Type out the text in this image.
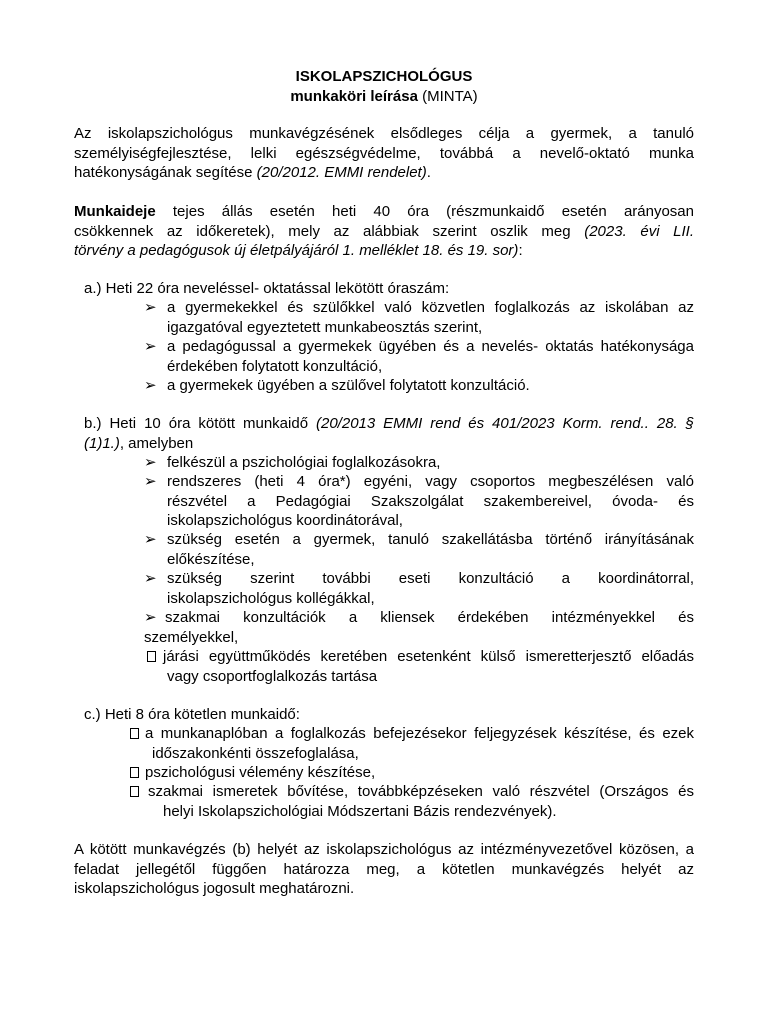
ISKOLAPSZICHOLÓGUS
munkaköri leírása (MINTA)
Az iskolapszichológus munkavégzésének elsődleges célja a gyermek, a tanuló
személyiségfejlesztése, lelki egészségvédelme, továbbá a nevelő-oktató munka
hatékonyságának segítése (20/2012. EMMI rendelet).
Munkaideje tejes állás esetén heti 40 óra (részmunkaidő esetén arányosan
csökkennek az időkeretek), mely az alábbiak szerint oszlik meg (2023. évi LII.
törvény a pedagógusok új életpályájáról 1. melléklet 18. és 19. sor):
a.) Heti 22 óra neveléssel- oktatással lekötött óraszám:
➢ a gyermekekkel és szülőkkel való közvetlen foglalkozás az iskolában az
igazgatóval egyeztetett munkabeosztás szerint,
➢ a pedagógussal a gyermekek ügyében és a nevelés- oktatás hatékonysága
érdekében folytatott konzultáció,
➢ a gyermekek ügyében a szülővel folytatott konzultáció.
b.) Heti 10 óra kötött munkaidő (20/2013 EMMI rend és 401/2023 Korm. rend.. 28. §
(1)1.), amelyben
➢ felkészül a pszichológiai foglalkozásokra,
➢ rendszeres (heti 4 óra*) egyéni, vagy csoportos megbeszélésen való
részvétel a Pedagógiai Szakszolgálat szakembereivel, óvoda- és
iskolapszichológus koordinátorával,
➢ szükség esetén a gyermek, tanuló szakellátásba történő irányításának
előkészítése,
➢ szükség szerint további eseti konzultáció a koordinátorral,
iskolapszichológus kollégákkal,
➢ szakmai konzultációk a kliensek érdekében intézményekkel és
személyekkel,
járási együttműködés keretében esetenként külső ismeretterjesztő előadás
vagy csoportfoglalkozás tartása
c.) Heti 8 óra kötetlen munkaidő:
a munkanaplóban a foglalkozás befejezésekor feljegyzések készítése, és ezek
időszakonkénti összefoglalása,
pszichológusi vélemény készítése,
szakmai ismeretek bővítése, továbbképzéseken való részvétel (Országos és
helyi Iskolapszichológiai Módszertani Bázis rendezvények).
A kötött munkavégzés (b) helyét az iskolapszichológus az intézményvezetővel közösen, a
feladat jellegétől függően határozza meg, a kötetlen munkavégzés helyét az
iskolapszichológus jogosult meghatározni.
